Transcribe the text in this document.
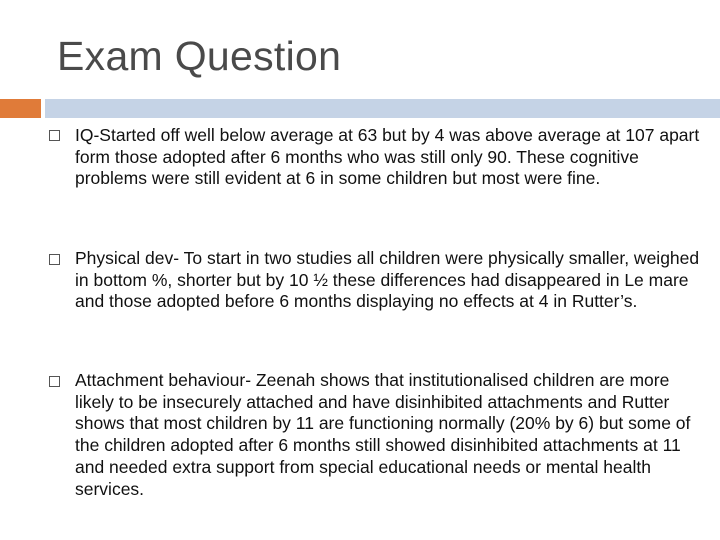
Exam Question
IQ-Started off well below average at 63 but by 4 was above average at 107 apart form those adopted after 6 months who was still only 90. These cognitive problems were still evident at 6 in some children but most were fine.
Physical dev- To start in two studies all children were physically smaller, weighed in bottom %, shorter but by 10 ½ these differences had disappeared in Le mare and those adopted before 6 months displaying no effects at 4 in Rutter’s.
Attachment behaviour- Zeenah shows that institutionalised children are more likely to be insecurely attached and have disinhibited attachments and Rutter shows that most children by 11 are functioning normally (20% by 6) but some of the children adopted after 6 months still showed disinhibited attachments at 11 and needed extra support from special educational needs or mental health services.
